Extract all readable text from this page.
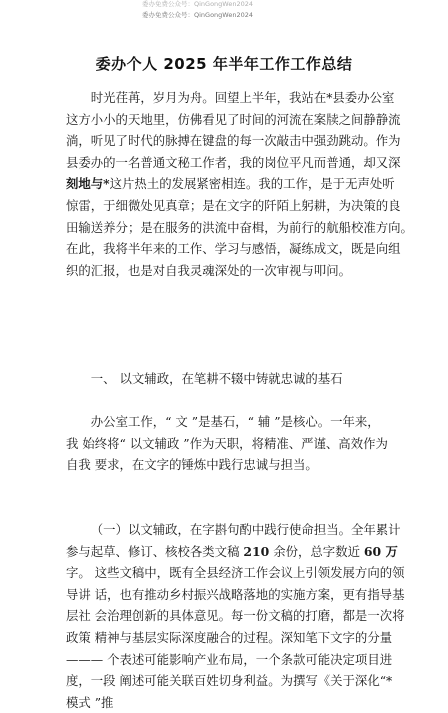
委办免费公众号：QinGongWen2024
委办免费公众号：QinGongWen2024
委办个人 2025 年半年工作工作总结
时光荏苒，岁月为舟。回望上半年，我站在*县委办公室
这方小小的天地里，仿佛看见了时间的河流在案牍之间静静流
淌，听见了时代的脉搏在键盘的每一次敲击中强劲跳动。作为
县委办的一名普通文秘工作者，我的岗位平凡而普通，却又深
刻地与*这片热土的发展紧密相连。我的工作，是于无声处听
惊雷，于细微处见真章；是在文字的阡陌上躬耕，为决策的良
田输送养分；是在服务的洪流中奋楫，为前行的航船校准方向。
在此，我将半年来的工作、学习与感悟，凝练成文，既是向组
织的汇报，也是对自我灵魂深处的一次审视与叩问。
一、 以文辅政，在笔耕不辍中铸就忠诚的基石
办公室工作，“ 文 ”是基石，“ 辅 ”是核心。一年来，
我 始终将“ 以文辅政 ”作为天职，将精准、严谨、高效作为
自我 要求，在文字的锤炼中践行忠诚与担当。
（一）以文辅政，在字斟句酌中践行使命担当。全年累计
参与起草、修订、核校各类文稿 210 余份，总字数近 60 万
字。 这些文稿中，既有全县经济工作会议上引领发展方向的领
导讲 话，也有推动乡村振兴战略落地的实施方案，更有指导基
层社 会治理创新的具体意见。每一份文稿的打磨，都是一次将
政策 精神与基层实际深度融合的过程。深知笔下文字的分量
——— 个表述可能影响产业布局，一个条款可能决定项目进
度，一段 阐述可能关联百姓切身利益。为撰写《关于深化“*
模式 ”推
